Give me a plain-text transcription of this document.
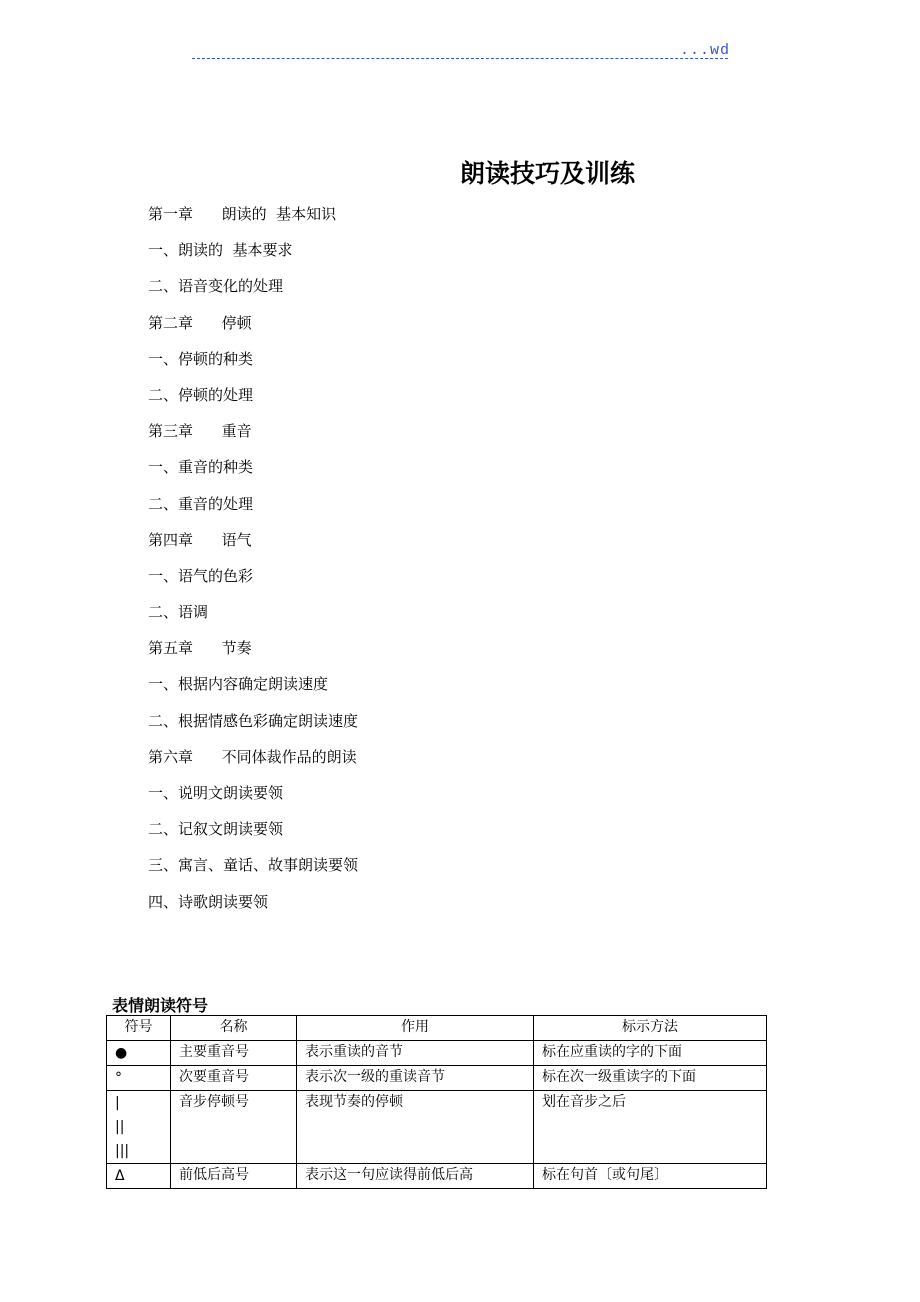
...wd
朗读技巧及训练
第一章      朗读的  基本知识
一、朗读的  基本要求
二、语音变化的处理
第二章      停顿
一、停顿的种类
二、停顿的处理
第三章      重音
一、重音的种类
二、重音的处理
第四章      语气
一、语气的色彩
二、语调
第五章      节奏
一、根据内容确定朗读速度
二、根据情感色彩确定朗读速度
第六章      不同体裁作品的朗读
一、说明文朗读要领
二、记叙文朗读要领
三、寓言、童话、故事朗读要领
四、诗歌朗读要领
表情朗读符号
符号	名称	作用	标示方法

●	主要重音号	表示重读的音节	标在应重读的字的下面

°	次要重音号	表示次一级的重读音节	标在次一级重读字的下面

|
||
|||	音步停顿号	表现节奏的停顿	划在音步之后

Δ	前低后高号	表示这一句应读得前低后高	标在句首〔或句尾〕
